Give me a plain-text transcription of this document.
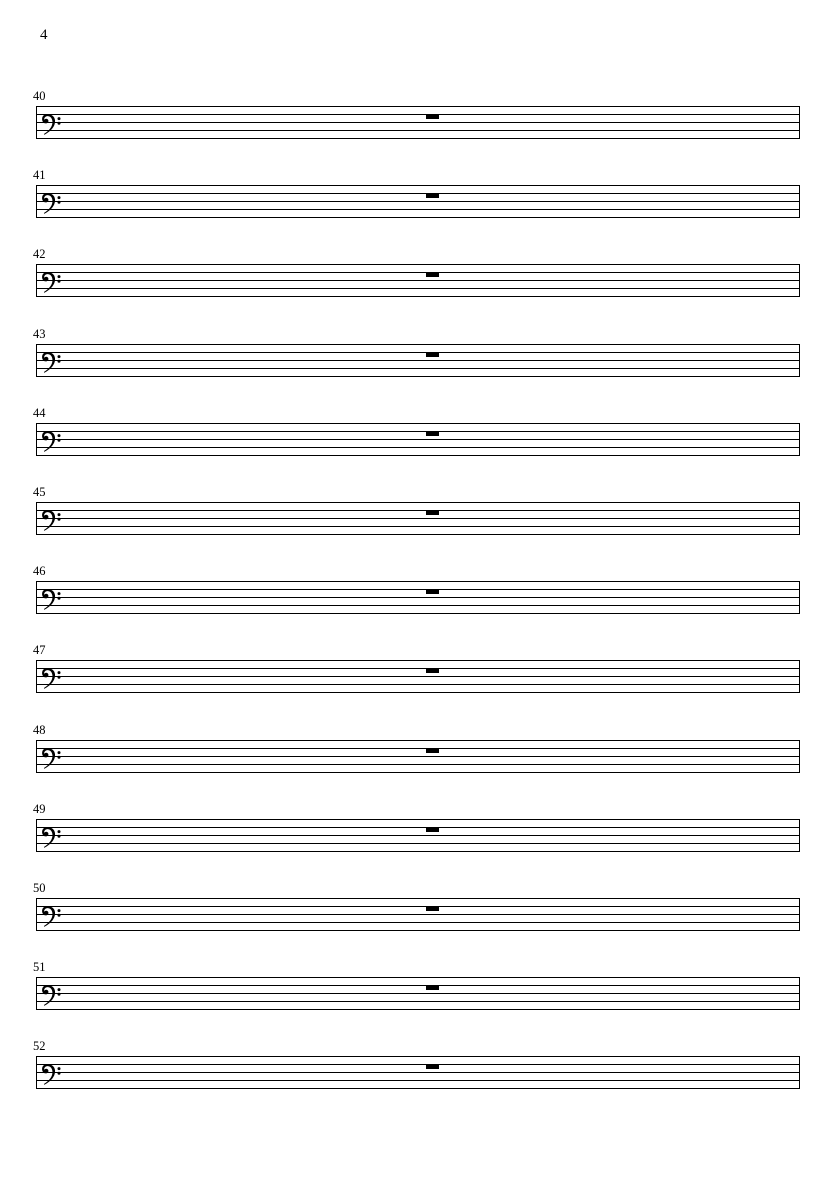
4
40
41
42
43
44
45
46
47
48
49
50
51
52
